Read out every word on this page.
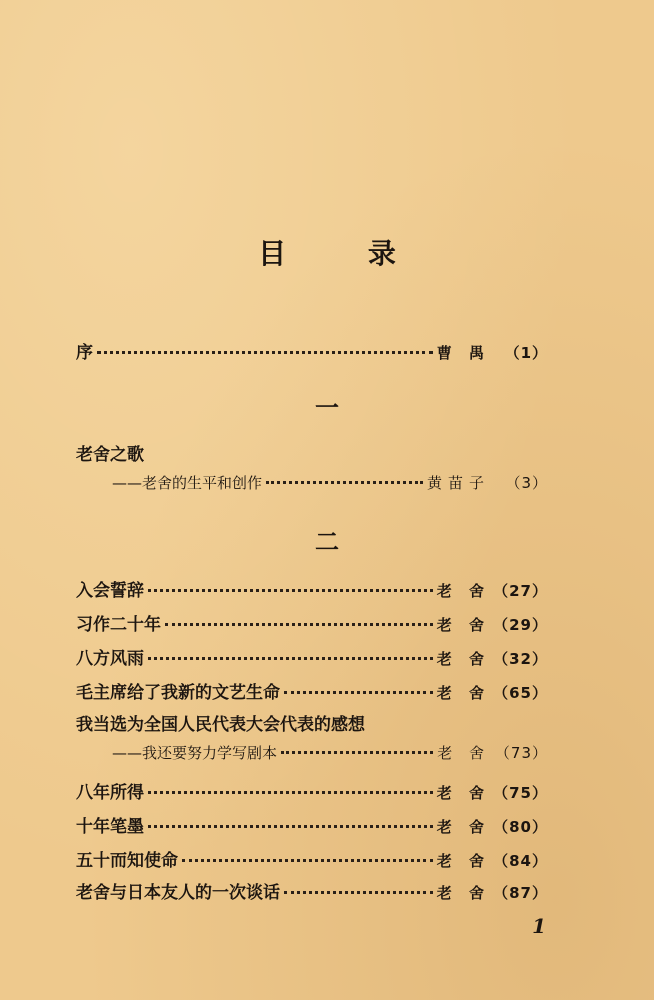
目 录
序	曹 禺 （1）
一
老舍之歌
——老舍的生平和创作	黄苗子	（3）
二
入会誓辞	老 舍 （27）
习作二十年	老 舍 （29）
八方风雨	老 舍 （32）
毛主席给了我新的文艺生命	老 舍 （65）
我当选为全国人民代表大会代表的感想
——我还要努力学写剧本	老 舍 （73）
八年所得	老 舍 （75）
十年笔墨	老 舍 （80）
五十而知使命	老 舍 （84）
老舍与日本友人的一次谈话	老 舍 （87）
1
